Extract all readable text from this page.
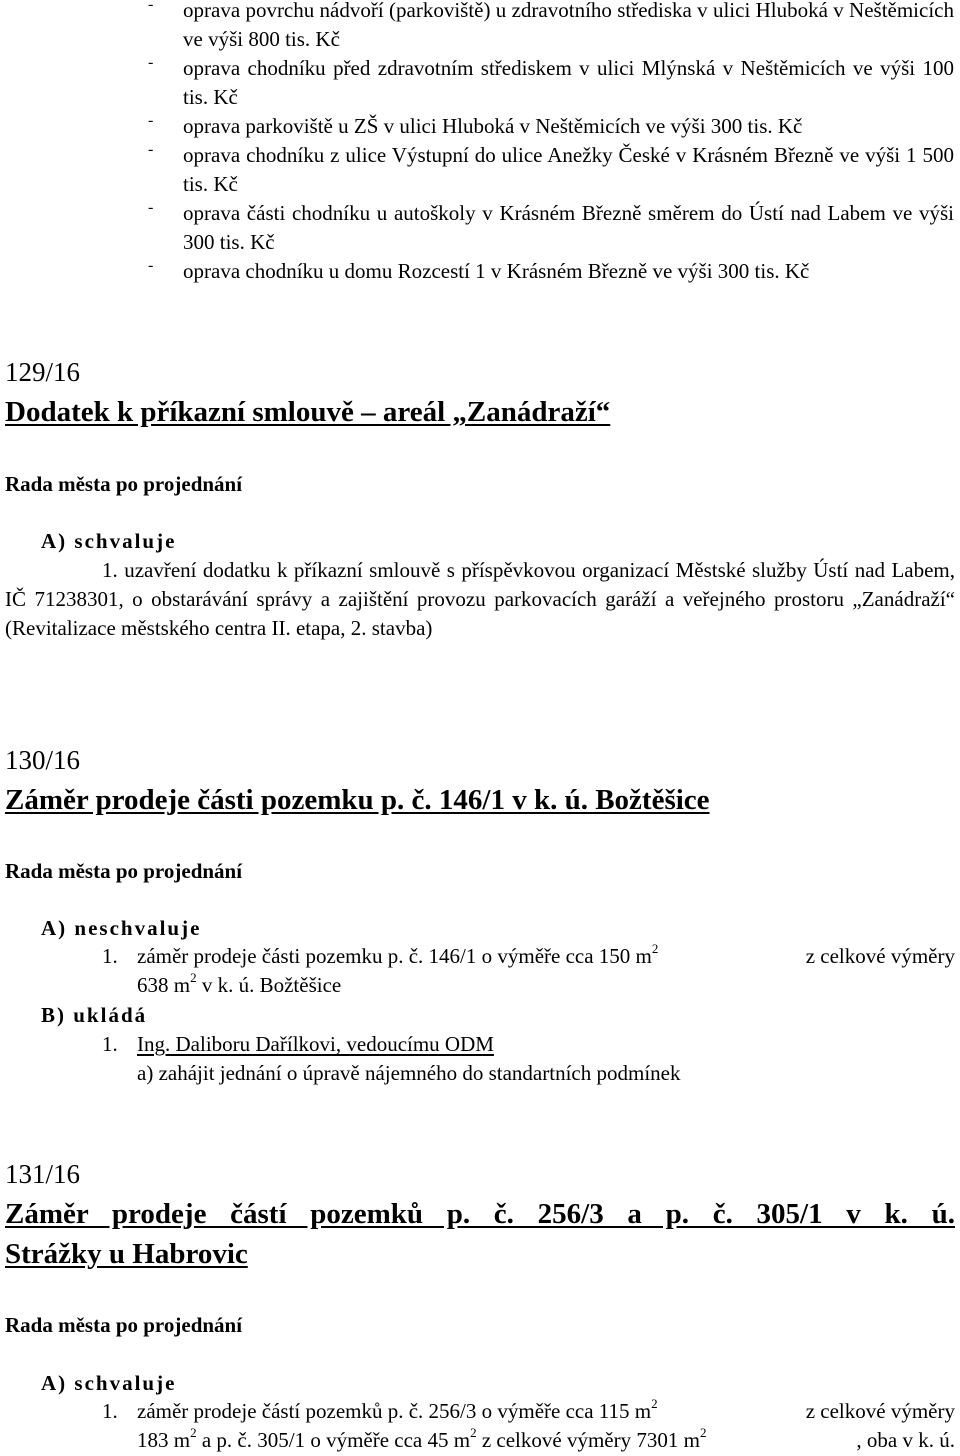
- oprava povrchu nádvoří (parkoviště) u zdravotního střediska v ulici Hluboká v Neštěmicích ve výši 800 tis. Kč
- oprava chodníku před zdravotním střediskem v ulici Mlýnská v Neštěmicích ve výši 100 tis. Kč
- oprava parkoviště u ZŠ v ulici Hluboká v Neštěmicích ve výši 300 tis. Kč
- oprava chodníku z ulice Výstupní do ulice Anežky České v Krásném Březně ve výši 1 500 tis. Kč
- oprava části chodníku u autoškoly v Krásném Březně směrem do Ústí nad Labem ve výši 300 tis. Kč
- oprava chodníku u domu Rozcestí 1 v Krásném Březně ve výši 300 tis. Kč
129/16
Dodatek k příkazní smlouvě – areál „Zanádraží“
Rada města po projednání
A) schvaluje
1. uzavření dodatku k příkazní smlouvě s příspěvkovou organizací Městské služby Ústí nad Labem, IČ 71238301, o obstarávání správy a zajištění provozu parkovacích garáží a veřejného prostoru „Zanádraží“ (Revitalizace městského centra II. etapa, 2. stavba)
130/16
Záměr prodeje části pozemku p. č. 146/1 v k. ú. Božtěšice
Rada města po projednání
A) neschvaluje
1. záměr prodeje části pozemku p. č. 146/1 o výměře cca 150 $m^2$	z celkové výměry
638 $m^2$ v k. ú. Božtěšice
B) ukládá
1. Ing. Daliboru Dařílkovi, vedoucímu ODM
a) zahájit jednání o úpravě nájemného do standartních podmínek
131/16
Záměr prodeje částí pozemků p. č. 256/3 a p. č. 305/1 v k. ú.
Strážky u Habrovic
Rada města po projednání
A) schvaluje
1. záměr prodeje částí pozemků p. č. 256/3 o výměře cca 115 $m^2$	z celkové výměry
183 $m^2$ a p. č. 305/1 o výměře cca 45 $m^2$ z celkové výměry 7301 $m^2$	, oba v k. ú.
